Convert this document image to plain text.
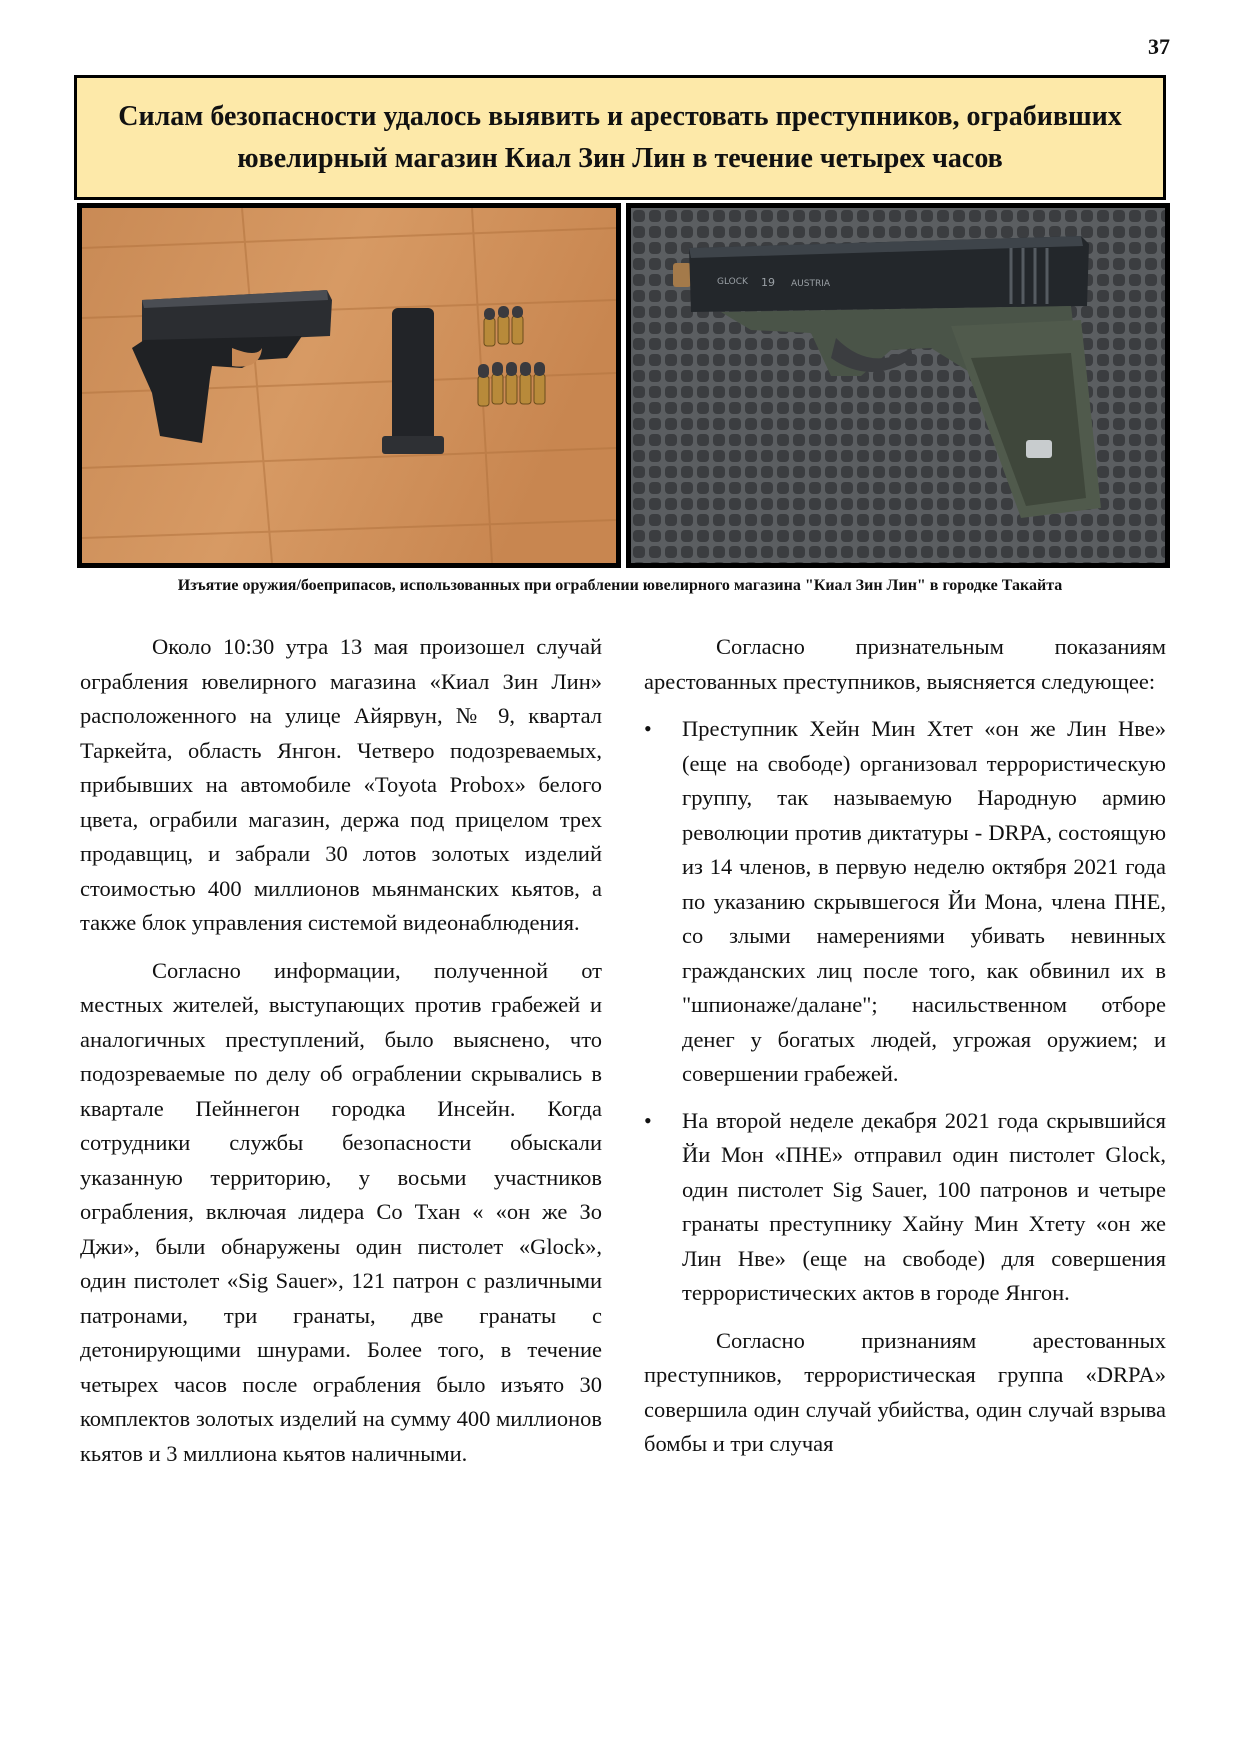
37
Силам безопасности удалось выявить и арестовать преступников, ограбивших ювелирный магазин Киал Зин Лин в течение четырех часов
GLOCK 19 AUSTRIA
Изъятие оружия/боеприпасов, использованных при ограблении ювелирного магазина "Киал Зин Лин" в городке Такайта

Около 10:30 утра 13 мая произошел случай ограбления ювелирного магазина «Киал Зин Лин» расположенного на улице Айярвун, № 9, квартал Таркейта, область Янгон. Четверо подозреваемых, прибывших на автомобиле «Toyota Probox» белого цвета, ограбили магазин, держа под прицелом трех продавщиц, и забрали 30 лотов золотых изделий стоимостью 400 миллионов мьянманских кьятов, а также блок управления системой видеонаблюдения.

Согласно информации, полученной от местных жителей, выступающих против грабежей и аналогичных преступлений, было выяснено, что подозреваемые по делу об ограблении скрывались в квартале Пейннегон городка Инсейн. Когда сотрудники службы безопасности обыскали указанную территорию, у восьми участников ограбления, включая лидера Со Тхан « «он же Зо Джи», были обнаружены один пистолет «Glock», один пистолет «Sig Sauer», 121 патрон с различными патронами, три гранаты, две гранаты с детонирующими шнурами. Более того, в течение четырех часов после ограбления было изъято 30 комплектов золотых изделий на сумму 400 миллионов кьятов и 3 миллиона кьятов наличными.

Согласно признательным показаниям арестованных преступников, выясняется следующее:

• Преступник Хейн Мин Хтет «он же Лин Нве» (еще на свободе) организовал террористическую группу, так называемую Народную армию революции против диктатуры - DRPA, состоящую из 14 членов, в первую неделю октября 2021 года по указанию скрывшегося Йи Мона, члена ПНЕ, со злыми намерениями убивать невинных гражданских лиц после того, как обвинил их в "шпионаже/далане"; насильственном отборе денег у богатых людей, угрожая оружием; и совершении грабежей.
• На второй неделе декабря 2021 года скрывшийся Йи Мон «ПНЕ» отправил один пистолет Glock, один пистолет Sig Sauer, 100 патронов и четыре гранаты преступнику Хайну Мин Хтету «он же Лин Нве» (еще на свободе) для совершения террористических актов в городе Янгон.

Согласно признаниям арестованных преступников, террористическая группа «DRPA» совершила один случай убийства, один случай взрыва бомбы и три случая
